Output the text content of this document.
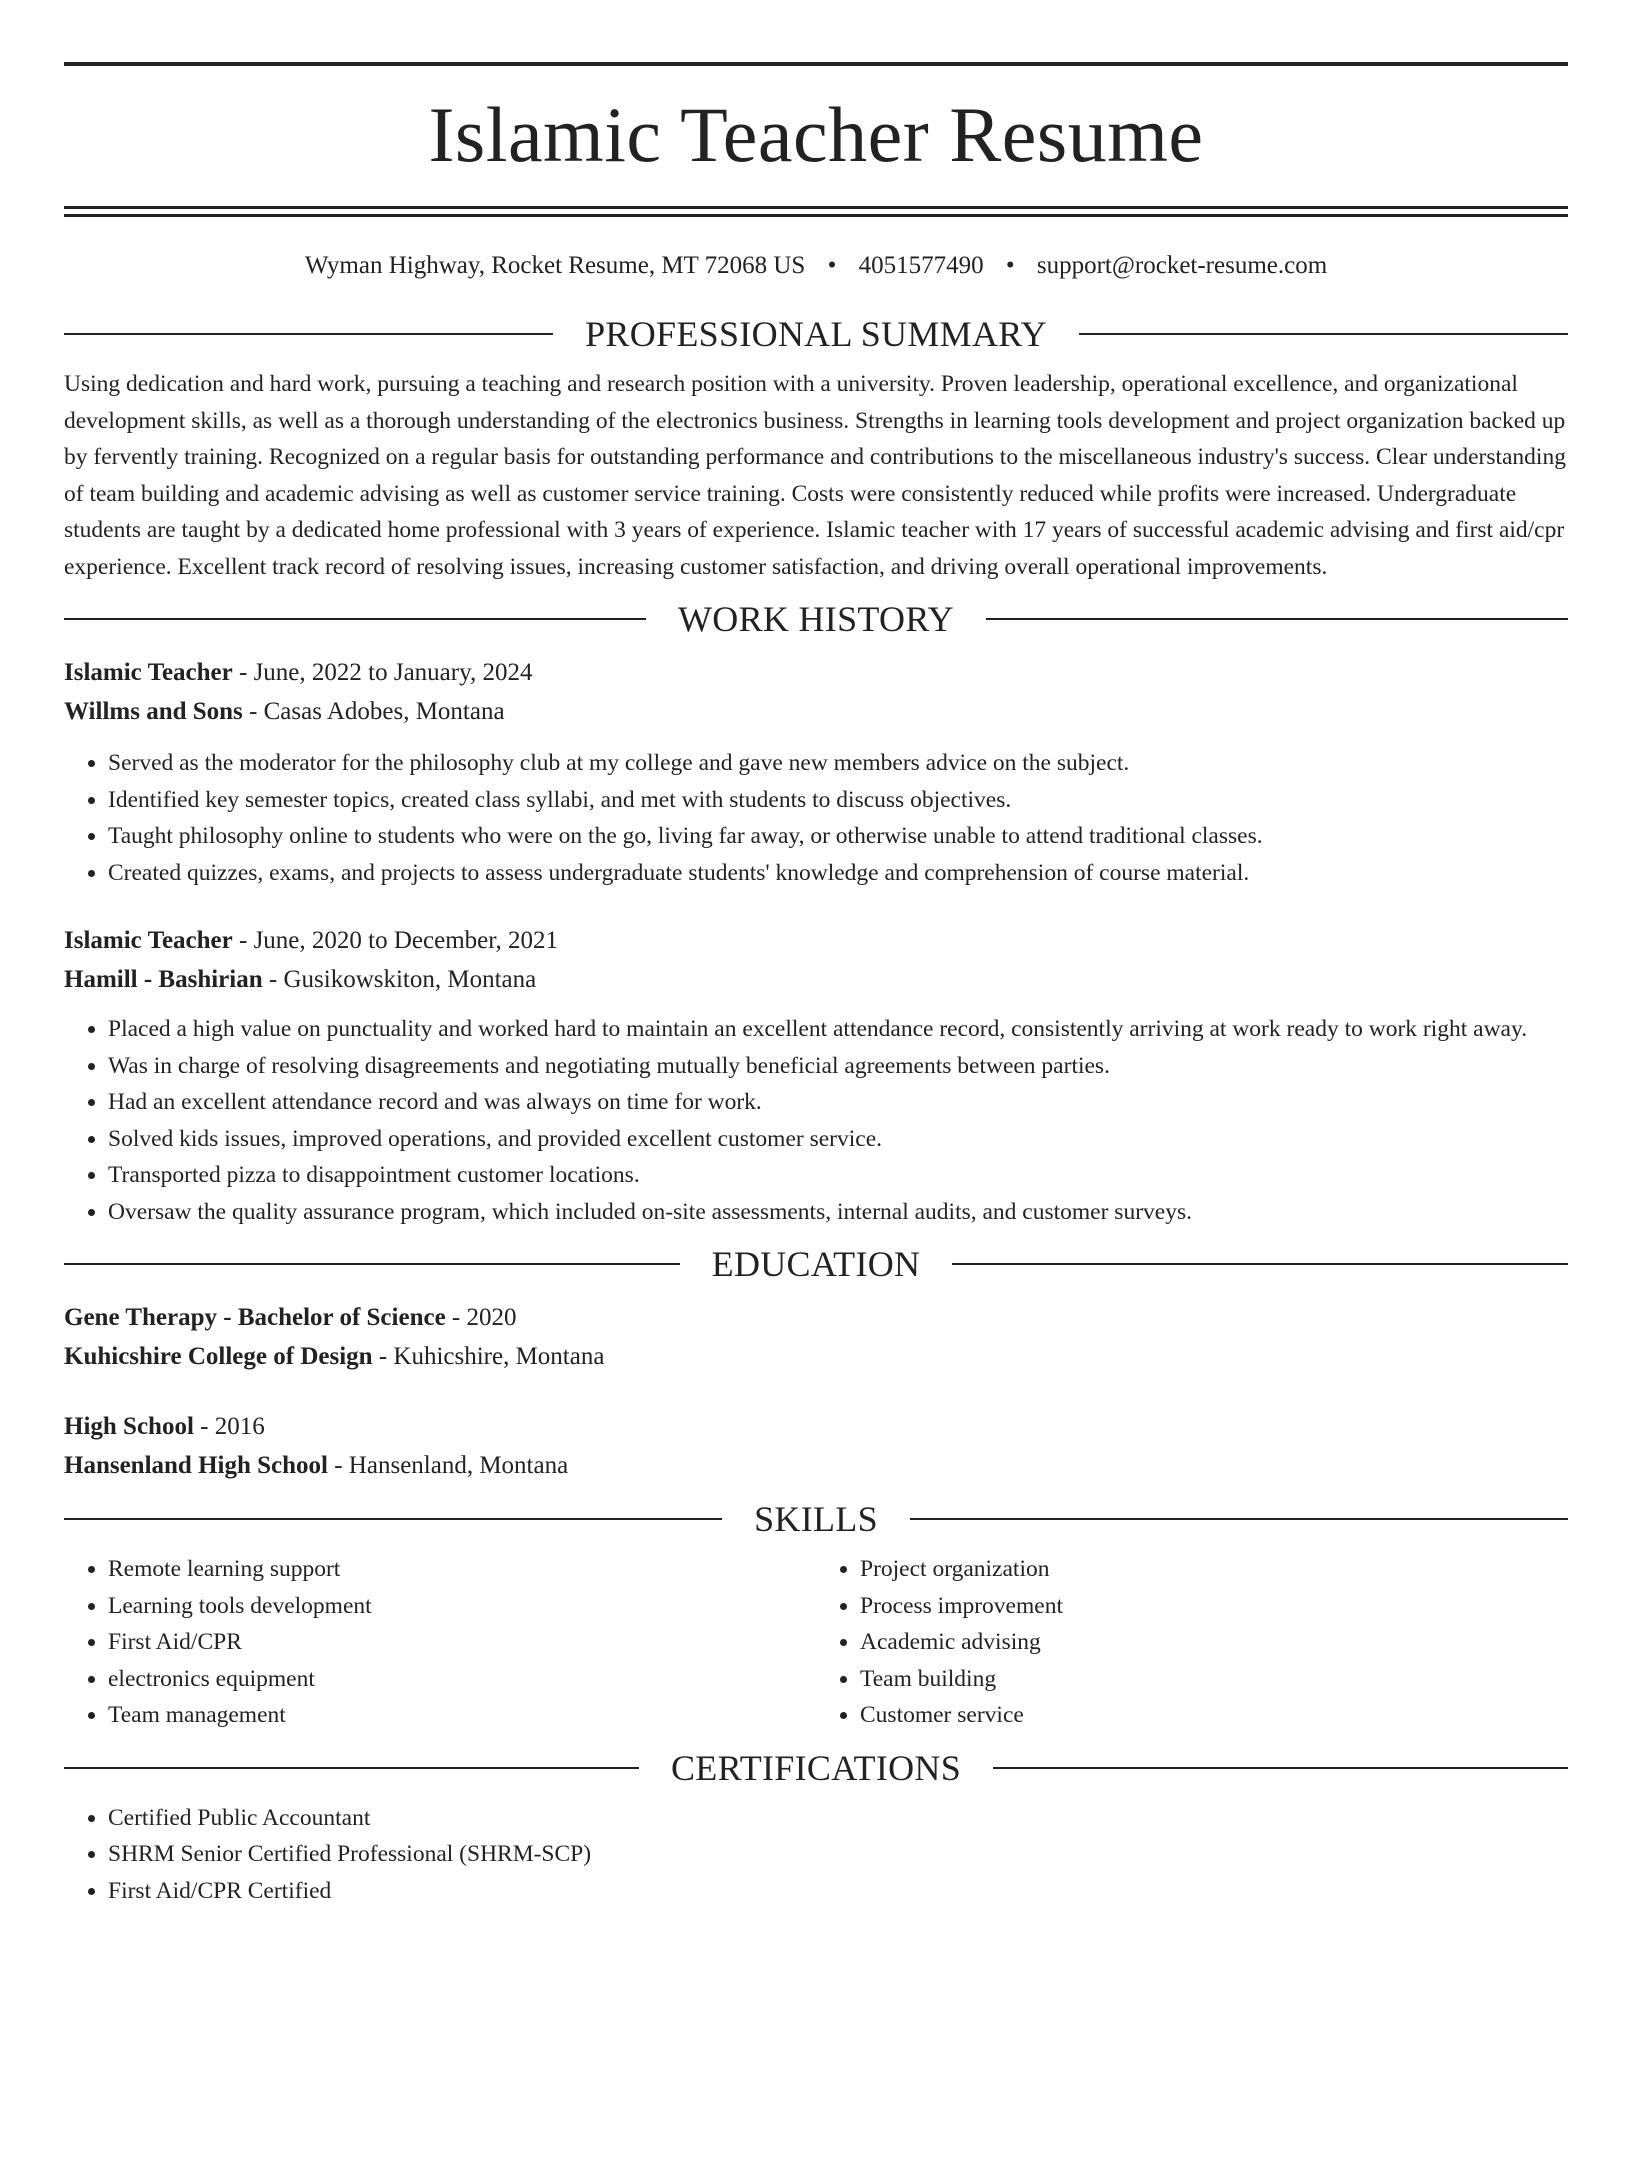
Islamic Teacher Resume
Wyman Highway, Rocket Resume, MT 72068 US • 4051577490 • support@rocket-resume.com
PROFESSIONAL SUMMARY

Using dedication and hard work, pursuing a teaching and research position with a university. Proven leadership, operational excellence, and organizational development skills, as well as a thorough understanding of the electronics business. Strengths in learning tools development and project organization backed up by fervently training. Recognized on a regular basis for outstanding performance and contributions to the miscellaneous industry's success. Clear understanding of team building and academic advising as well as customer service training. Costs were consistently reduced while profits were increased. Undergraduate students are taught by a dedicated home professional with 3 years of experience. Islamic teacher with 17 years of successful academic advising and first aid/cpr experience. Excellent track record of resolving issues, increasing customer satisfaction, and driving overall operational improvements.

WORK HISTORY

Islamic Teacher - June, 2022 to January, 2024

Willms and Sons - Casas Adobes, Montana

• Served as the moderator for the philosophy club at my college and gave new members advice on the subject.
• Identified key semester topics, created class syllabi, and met with students to discuss objectives.
• Taught philosophy online to students who were on the go, living far away, or otherwise unable to attend traditional classes.
• Created quizzes, exams, and projects to assess undergraduate students' knowledge and comprehension of course material.

Islamic Teacher - June, 2020 to December, 2021

Hamill - Bashirian - Gusikowskiton, Montana

• Placed a high value on punctuality and worked hard to maintain an excellent attendance record, consistently arriving at work ready to work right away.
• Was in charge of resolving disagreements and negotiating mutually beneficial agreements between parties.
• Had an excellent attendance record and was always on time for work.
• Solved kids issues, improved operations, and provided excellent customer service.
• Transported pizza to disappointment customer locations.
• Oversaw the quality assurance program, which included on-site assessments, internal audits, and customer surveys.
EDUCATION

Gene Therapy - Bachelor of Science - 2020

Kuhicshire College of Design - Kuhicshire, Montana

High School - 2016

Hansenland High School - Hansenland, Montana

SKILLS
• Remote learning support
• Learning tools development
• First Aid/CPR
• electronics equipment
• Team management
• Project organization
• Process improvement
• Academic advising
• Team building
• Customer service
CERTIFICATIONS
• Certified Public Accountant
• SHRM Senior Certified Professional (SHRM-SCP)
• First Aid/CPR Certified
